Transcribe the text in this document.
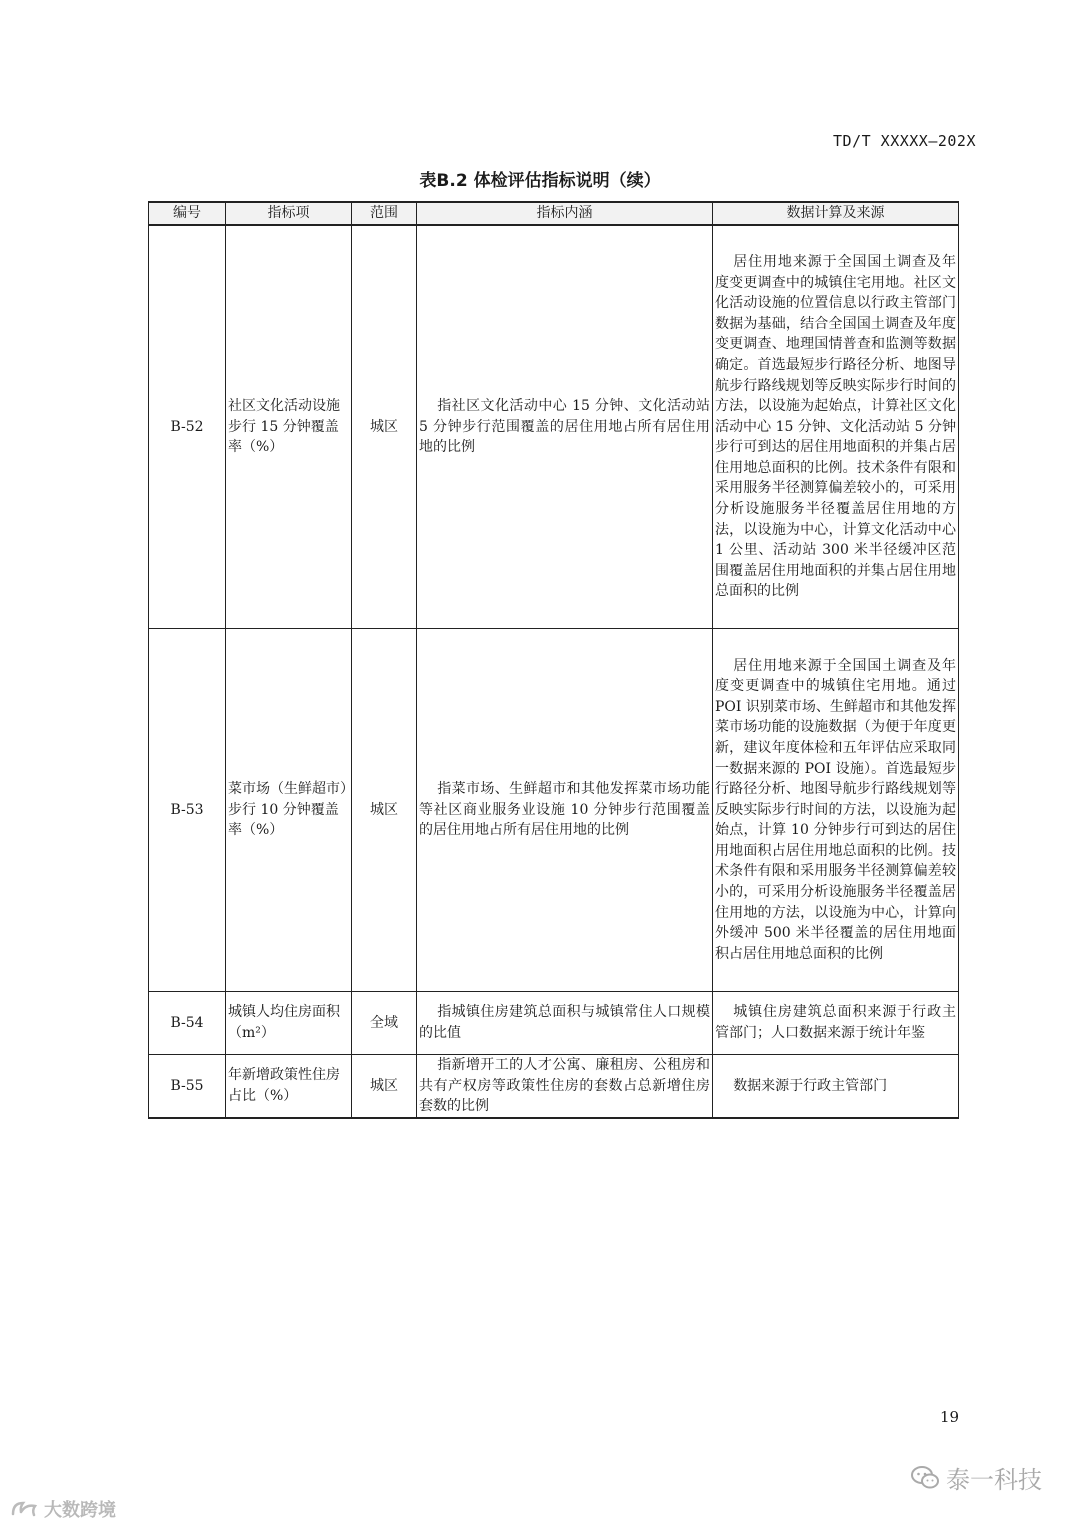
TD/T XXXXX—202X
表B.2 体检评估指标说明（续）
编号	指标项	范围	指标内涵	数据计算及来源
B-52	社区文化活动设施步行 15 分钟覆盖率（%）	城区	指社区文化活动中心 15 分钟、文化活动站 5 分钟步行范围覆盖的居住用地占所有居住用地的比例	居住用地来源于全国国土调查及年度变更调查中的城镇住宅用地。社区文化活动设施的位置信息以行政主管部门数据为基础，结合全国国土调查及年度变更调查、地理国情普查和监测等数据确定。首选最短步行路径分析、地图导航步行路线规划等反映实际步行时间的方法，以设施为起始点，计算社区文化活动中心 15 分钟、文化活动站 5 分钟步行可到达的居住用地面积的并集占居住用地总面积的比例。技术条件有限和采用服务半径测算偏差较小的，可采用分析设施服务半径覆盖居住用地的方法，以设施为中心，计算文化活动中心 1 公里、活动站 300 米半径缓冲区范围覆盖居住用地面积的并集占居住用地总面积的比例
B-53	菜市场（生鲜超市）步行 10 分钟覆盖率（%）	城区	指菜市场、生鲜超市和其他发挥菜市场功能等社区商业服务业设施 10 分钟步行范围覆盖的居住用地占所有居住用地的比例	居住用地来源于全国国土调查及年度变更调查中的城镇住宅用地。通过 POI 识别菜市场、生鲜超市和其他发挥菜市场功能的设施数据（为便于年度更新，建议年度体检和五年评估应采取同一数据来源的 POI 设施）。首选最短步行路径分析、地图导航步行路线规划等反映实际步行时间的方法，以设施为起始点，计算 10 分钟步行可到达的居住用地面积占居住用地总面积的比例。技术条件有限和采用服务半径测算偏差较小的，可采用分析设施服务半径覆盖居住用地的方法，以设施为中心，计算向外缓冲 500 米半径覆盖的居住用地面积占居住用地总面积的比例
B-54	城镇人均住房面积（m²）	全域	指城镇住房建筑总面积与城镇常住人口规模的比值	城镇住房建筑总面积来源于行政主管部门；人口数据来源于统计年鉴
B-55	年新增政策性住房占比（%）	城区	指新增开工的人才公寓、廉租房、公租房和共有产权房等政策性住房的套数占总新增住房套数的比例	数据来源于行政主管部门
19
大数跨境
泰一科技
